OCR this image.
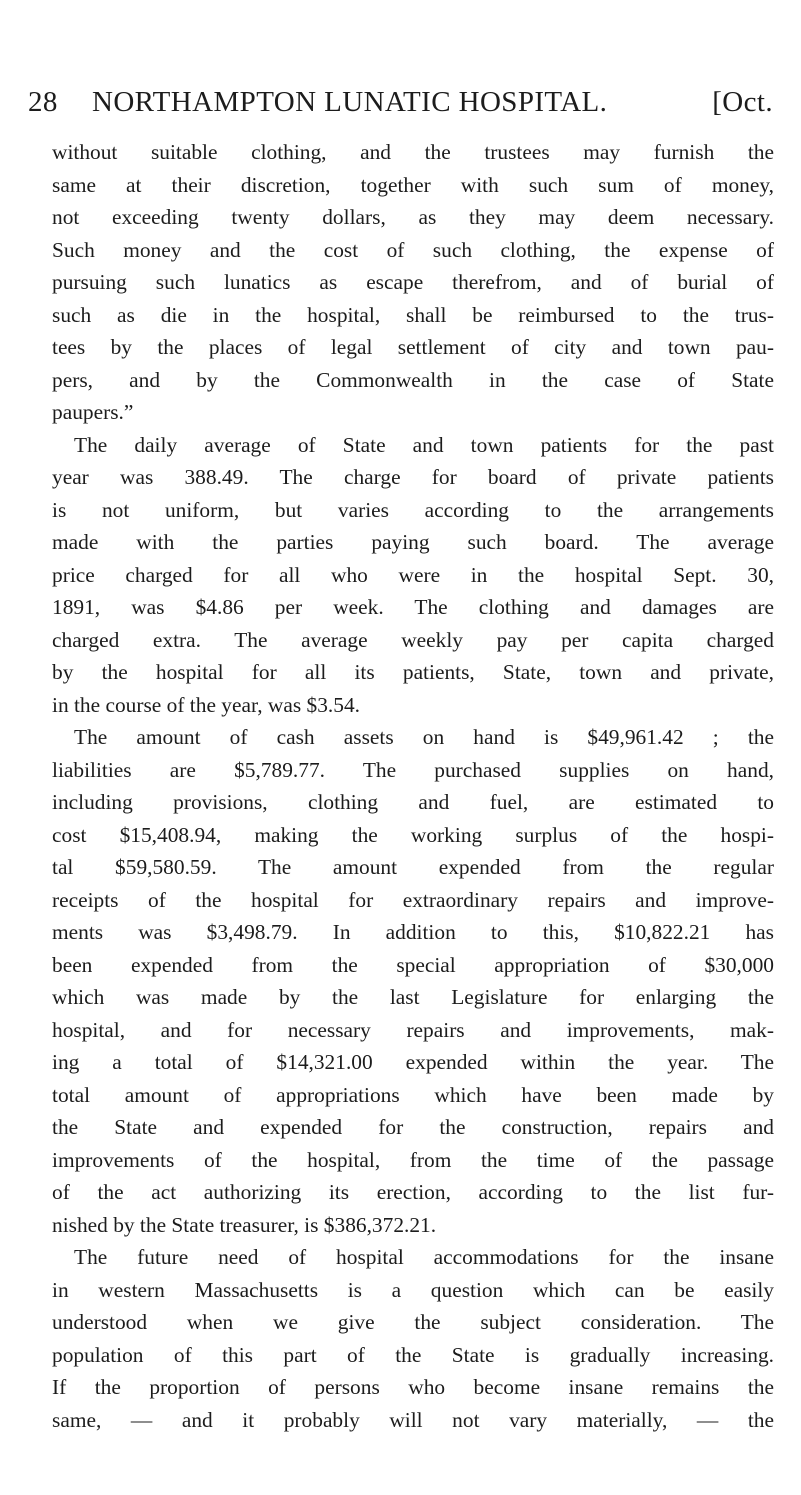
28 NORTHAMPTON LUNATIC HOSPITAL.	[Oct.
without suitable clothing, and the trustees may furnish the
same at their discretion, together with such sum of money,
not exceeding twenty dollars, as they may deem necessary.
Such money and the cost of such clothing, the expense of
pursuing such lunatics as escape therefrom, and of burial of
such as die in the hospital, shall be reimbursed to the trus-
tees by the places of legal settlement of city and town pau-
pers, and by the Commonwealth in the case of State
paupers.”
The daily average of State and town patients for the past
year was 388.49. The charge for board of private patients
is not uniform, but varies according to the arrangements
made with the parties paying such board. The average
price charged for all who were in the hospital Sept. 30,
1891, was $4.86 per week. The clothing and damages are
charged extra. The average weekly pay per capita charged
by the hospital for all its patients, State, town and private,
in the course of the year, was $3.54.
The amount of cash assets on hand is $49,961.42 ; the
liabilities are $5,789.77. The purchased supplies on hand,
including provisions, clothing and fuel, are estimated to
cost $15,408.94, making the working surplus of the hospi-
tal $59,580.59. The amount expended from the regular
receipts of the hospital for extraordinary repairs and improve-
ments was $3,498.79. In addition to this, $10,822.21 has
been expended from the special appropriation of $30,000
which was made by the last Legislature for enlarging the
hospital, and for necessary repairs and improvements, mak-
ing a total of $14,321.00 expended within the year. The
total amount of appropriations which have been made by
the State and expended for the construction, repairs and
improvements of the hospital, from the time of the passage
of the act authorizing its erection, according to the list fur-
nished by the State treasurer, is $386,372.21.
The future need of hospital accommodations for the insane
in western Massachusetts is a question which can be easily
understood when we give the subject consideration. The
population of this part of the State is gradually increasing.
If the proportion of persons who become insane remains the
same, — and it probably will not vary materially, — the
